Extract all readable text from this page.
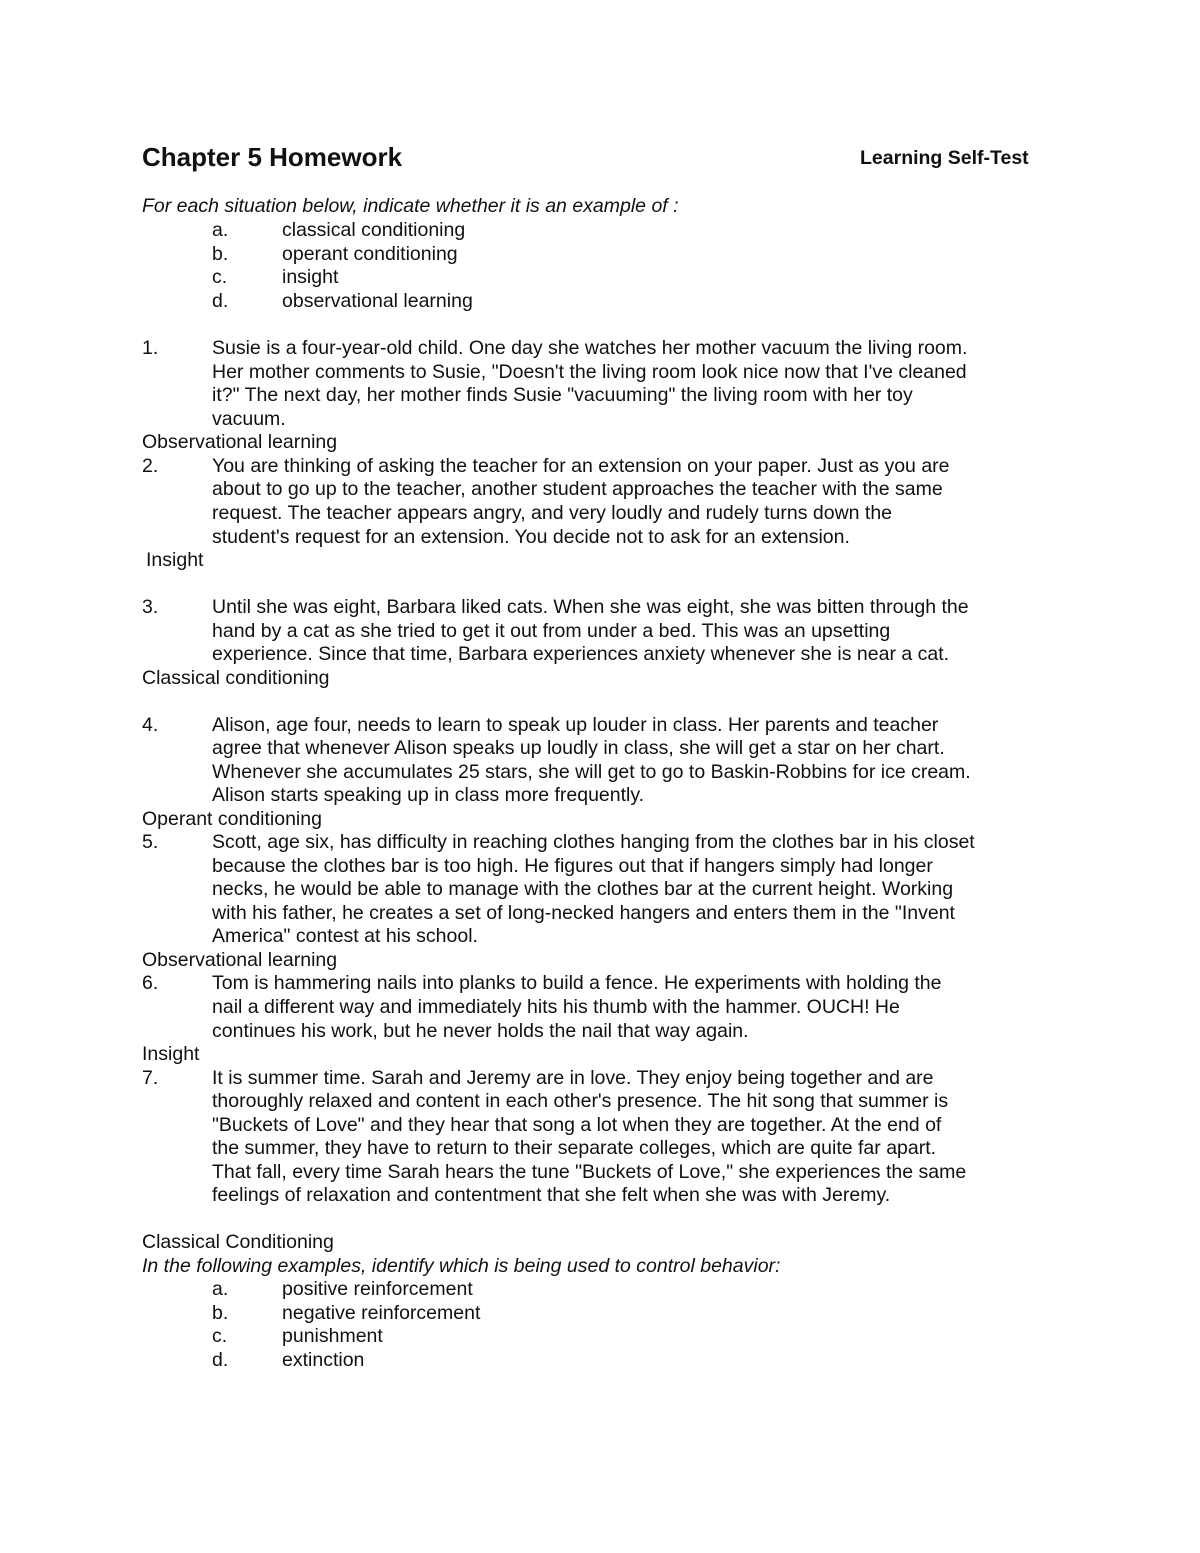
Chapter 5 Homework	Learning Self-Test
For each situation below, indicate whether it is an example of :
a.	classical conditioning
b.	operant conditioning
c.	insight
d.	observational learning
1.	Susie is a four-year-old child. One day she watches her mother vacuum the living room.
Her mother comments to Susie, "Doesn't the living room look nice now that I've cleaned
it?" The next day, her mother finds Susie "vacuuming" the living room with her toy
vacuum.
Observational learning
2.	You are thinking of asking the teacher for an extension on your paper. Just as you are
about to go up to the teacher, another student approaches the teacher with the same
request. The teacher appears angry, and very loudly and rudely turns down the
student's request for an extension. You decide not to ask for an extension.
Insight
3.	Until she was eight, Barbara liked cats. When she was eight, she was bitten through the
hand by a cat as she tried to get it out from under a bed. This was an upsetting
experience. Since that time, Barbara experiences anxiety whenever she is near a cat.
Classical conditioning
4.	Alison, age four, needs to learn to speak up louder in class. Her parents and teacher
agree that whenever Alison speaks up loudly in class, she will get a star on her chart.
Whenever she accumulates 25 stars, she will get to go to Baskin-Robbins for ice cream.
Alison starts speaking up in class more frequently.
Operant conditioning
5.	Scott, age six, has difficulty in reaching clothes hanging from the clothes bar in his closet
because the clothes bar is too high. He figures out that if hangers simply had longer
necks, he would be able to manage with the clothes bar at the current height. Working
with his father, he creates a set of long-necked hangers and enters them in the "Invent
America" contest at his school.
Observational learning
6.	Tom is hammering nails into planks to build a fence. He experiments with holding the
nail a different way and immediately hits his thumb with the hammer. OUCH! He
continues his work, but he never holds the nail that way again.
Insight
7.	It is summer time. Sarah and Jeremy are in love. They enjoy being together and are
thoroughly relaxed and content in each other's presence. The hit song that summer is
"Buckets of Love" and they hear that song a lot when they are together. At the end of
the summer, they have to return to their separate colleges, which are quite far apart.
That fall, every time Sarah hears the tune "Buckets of Love," she experiences the same
feelings of relaxation and contentment that she felt when she was with Jeremy.
Classical Conditioning
In the following examples, identify which is being used to control behavior:
a.	positive reinforcement
b.	negative reinforcement
c.	punishment
d.	extinction
